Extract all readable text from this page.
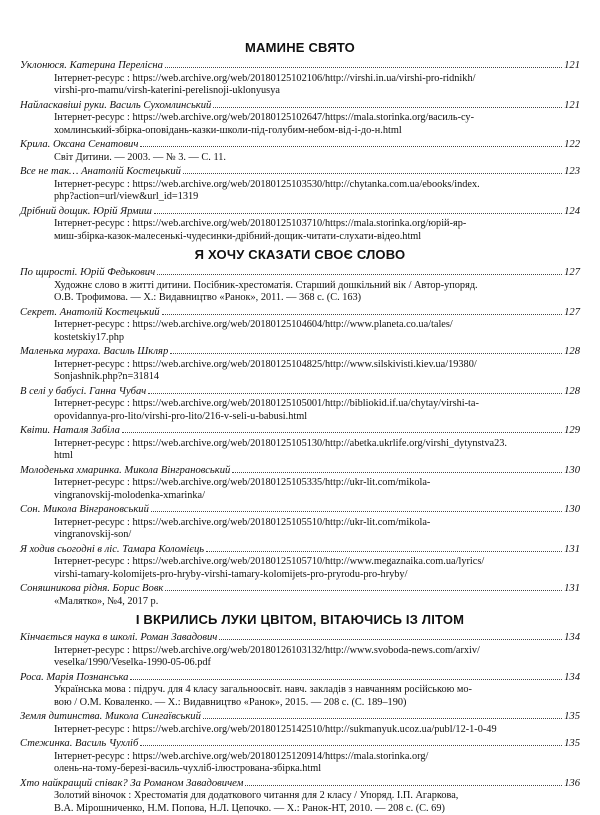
МАМИНЕ СВЯТО
Уклонюся. Катерина Перелісна	121
Інтернет-ресурс : https://web.archive.org/web/20180125102106/http://virshi.in.ua/virshi-pro-ridnikh/
virshi-pro-mamu/virsh-katerini-perelisnoji-uklonyusya
Найласкавіші руки. Василь Сухомлинський	121
Інтернет-ресурс : https://web.archive.org/web/20180125102647/https://mala.storinka.org/василь-су-
хомлинський-збірка-оповідань-казки-школи-під-голубим-небом-від-і-до-н.html
Крила. Оксана Сенатович	122
Світ Дитини. — 2003. — № 3. — С. 11.
Все не так… Анатолій Костецький	123
Інтернет-ресурс : https://web.archive.org/web/20180125103530/http://chytanka.com.ua/ebooks/index.
php?action=url/view&url_id=1319
Дрібний дощик. Юрій Ярмиш	124
Інтернет-ресурс : https://web.archive.org/web/20180125103710/https://mala.storinka.org/юрій-яр-
миш-збірка-казок-малесенькі-чудесинки-дрібний-дощик-читати-слухати-відео.html
Я ХОЧУ СКАЗАТИ СВОЄ СЛОВО
По щирості. Юрій Федькович	127
Художнє слово в житті дитини. Посібник-хрестоматія. Старший дошкільний вік / Автор-упоряд.
О.В. Трофимова. — Х.: Видавництво «Ранок», 2011. — 368 с. (С. 163)
Секрет. Анатолій Костецький	127
Інтернет-ресурс : https://web.archive.org/web/20180125104604/http://www.planeta.co.ua/tales/
kostetskiy17.php
Маленька мураха. Василь Шкляр	128
Інтернет-ресурс : https://web.archive.org/web/20180125104825/http://www.silskivisti.kiev.ua/19380/
Sonjashnik.php?n=31814
В селі у бабусі. Ганна Чубач	128
Інтернет-ресурс : https://web.archive.org/web/20180125105001/http://bibliokid.if.ua/chytay/virshi-ta-
opovidannya-pro-lito/virshi-pro-lito/216-v-seli-u-babusi.html
Квіти. Наталя Забіла	129
Інтернет-ресурс : https://web.archive.org/web/20180125105130/http://abetka.ukrlife.org/virshi_dytynstva23.
html
Молоденька хмаринка. Микола Вінграновський	130
Інтернет-ресурс : https://web.archive.org/web/20180125105335/http://ukr-lit.com/mikola-
vingranovskij-molodenka-xmarinka/
Сон. Микола Вінграновський	130
Інтернет-ресурс : https://web.archive.org/web/20180125105510/http://ukr-lit.com/mikola-
vingranovskij-son/
Я ходив сьогодні в ліс. Тамара Коломієць	131
Інтернет-ресурс : https://web.archive.org/web/20180125105710/http://www.megaznaika.com.ua/lyrics/
virshi-tamary-kolomijets-pro-hryby-virshi-tamary-kolomijets-pro-pryrodu-pro-hryby/
Соняшникова рідня. Борис Вовк	131
«Малятко», №4, 2017 р.
І ВКРИЛИСЬ ЛУКИ ЦВІТОМ, ВІТАЮЧИСЬ ІЗ ЛІТОМ
Кінчається наука в школі. Роман Завадович	134
Інтернет-ресурс : https://web.archive.org/web/20180126103132/http://www.svoboda-news.com/arxiv/
veselka/1990/Veselka-1990-05-06.pdf
Роса. Марія Познанська	134
Українська мова : підруч. для 4 класу загальноосвіт. навч. закладів з навчанням російською мо-
вою / О.М. Коваленко. — Х.: Видавництво «Ранок», 2015. — 208 с. (С. 189–190)
Земля дитинства. Микола Сингаївський	135
Інтернет-ресурс : https://web.archive.org/web/20180125142510/http://sukmanyuk.ucoz.ua/publ/12-1-0-49
Стежинка. Василь Чухліб	135
Інтернет-ресурс : https://web.archive.org/web/20180125120914/https://mala.storinka.org/
олень-на-тому-березі-василь-чухліб-ілюстрована-збірка.html
Хто найкращий співак? За Романом Завадовичем	136
Золотий віночок : Хрестоматія для додаткового читання для 2 класу / Упоряд. І.П. Агаркова,
В.А. Мірошниченко, Н.М. Попова, Н.Л. Цепочко. — Х.: Ранок-НТ, 2010. — 208 с. (С. 69)
